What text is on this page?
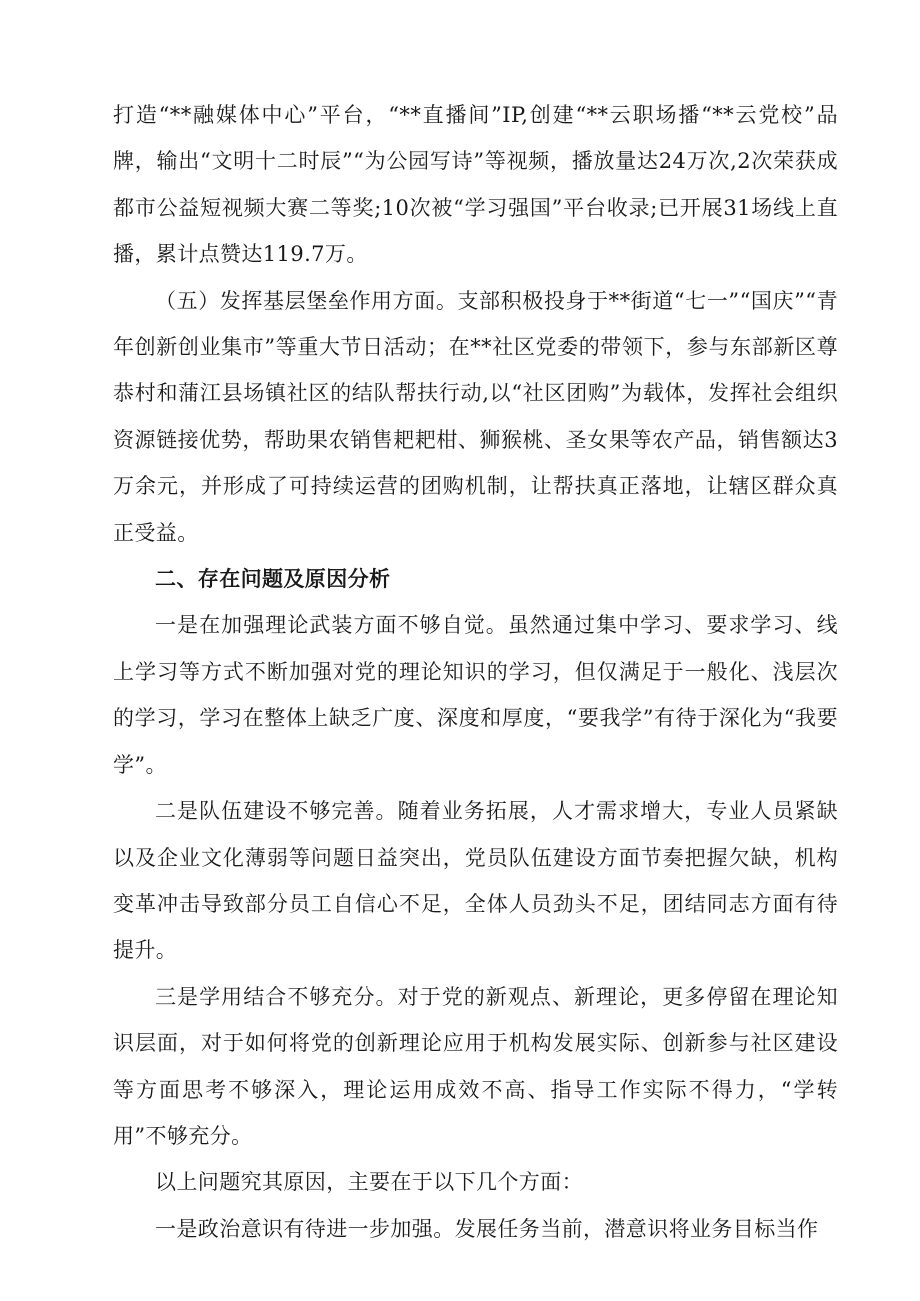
打造“**融媒体中心”平台，“**直播间”IP,创建“**云职场播“**云党校”品牌，输出“文明十二时辰”“为公园写诗”等视频，播放量达24万次,2次荣获成都市公益短视频大赛二等奖;10次被“学习强国”平台收录;已开展31场线上直播，累计点赞达119.7万。

（五）发挥基层堡垒作用方面。支部积极投身于**街道“七一”“国庆”“青年创新创业集市”等重大节日活动；在**社区党委的带领下，参与东部新区尊恭村和蒲江县场镇社区的结队帮扶行动,以“社区团购”为载体，发挥社会组织资源链接优势，帮助果农销售耙耙柑、狮猴桃、圣女果等农产品，销售额达3万余元，并形成了可持续运营的团购机制，让帮扶真正落地，让辖区群众真正受益。

二、存在问题及原因分析

一是在加强理论武装方面不够自觉。虽然通过集中学习、要求学习、线上学习等方式不断加强对党的理论知识的学习，但仅满足于一般化、浅层次的学习，学习在整体上缺乏广度、深度和厚度，“要我学”有待于深化为“我要学”。

二是队伍建设不够完善。随着业务拓展，人才需求增大，专业人员紧缺以及企业文化薄弱等问题日益突出，党员队伍建设方面节奏把握欠缺，机构变革冲击导致部分员工自信心不足，全体人员劲头不足，团结同志方面有待提升。

三是学用结合不够充分。对于党的新观点、新理论，更多停留在理论知识层面，对于如何将党的创新理论应用于机构发展实际、创新参与社区建设等方面思考不够深入，理论运用成效不高、指导工作实际不得力，“学转用”不够充分。

以上问题究其原因，主要在于以下几个方面：

一是政治意识有待进一步加强。发展任务当前，潜意识将业务目标当作
